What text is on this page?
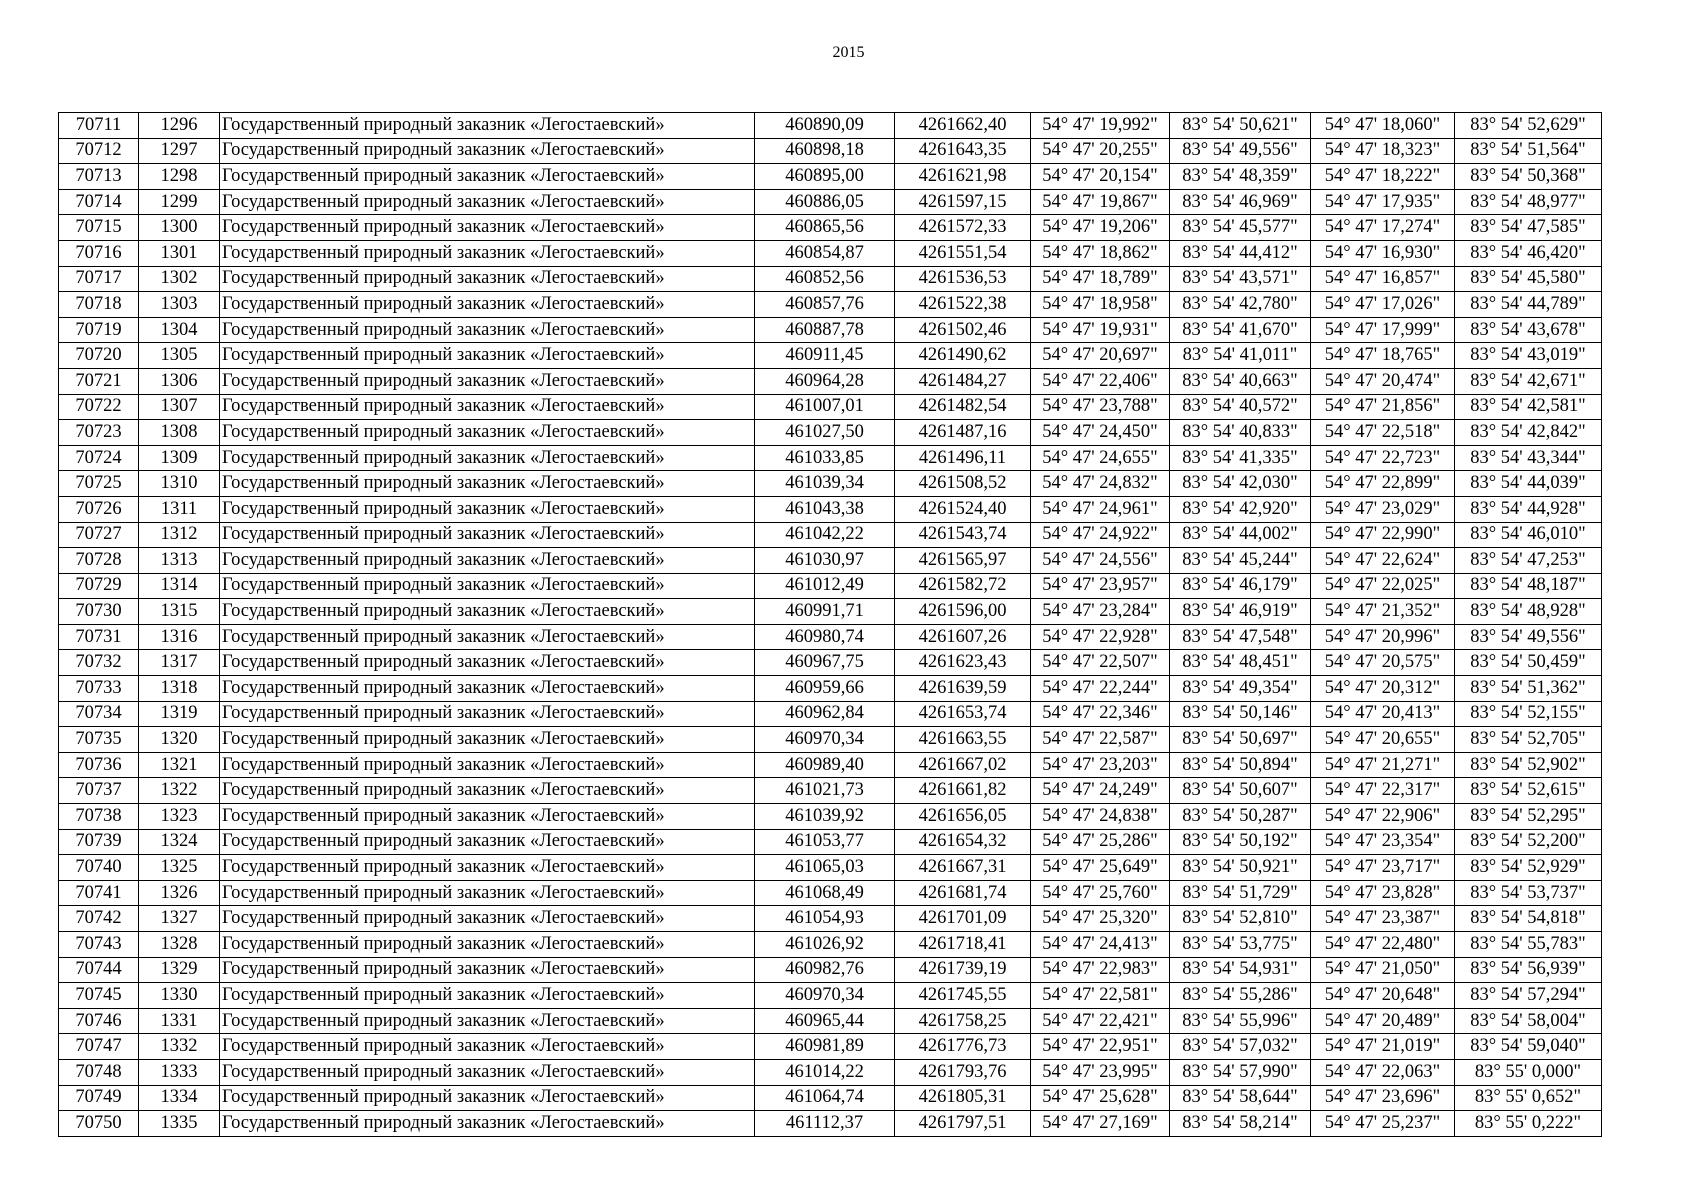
2015
70711	1296	Государственный природный заказник «Легостаевский»	460890,09	4261662,40	54° 47' 19,992"	83° 54' 50,621"	54° 47' 18,060"	83° 54' 52,629"
70712	1297	Государственный природный заказник «Легостаевский»	460898,18	4261643,35	54° 47' 20,255"	83° 54' 49,556"	54° 47' 18,323"	83° 54' 51,564"
70713	1298	Государственный природный заказник «Легостаевский»	460895,00	4261621,98	54° 47' 20,154"	83° 54' 48,359"	54° 47' 18,222"	83° 54' 50,368"
70714	1299	Государственный природный заказник «Легостаевский»	460886,05	4261597,15	54° 47' 19,867"	83° 54' 46,969"	54° 47' 17,935"	83° 54' 48,977"
70715	1300	Государственный природный заказник «Легостаевский»	460865,56	4261572,33	54° 47' 19,206"	83° 54' 45,577"	54° 47' 17,274"	83° 54' 47,585"
70716	1301	Государственный природный заказник «Легостаевский»	460854,87	4261551,54	54° 47' 18,862"	83° 54' 44,412"	54° 47' 16,930"	83° 54' 46,420"
70717	1302	Государственный природный заказник «Легостаевский»	460852,56	4261536,53	54° 47' 18,789"	83° 54' 43,571"	54° 47' 16,857"	83° 54' 45,580"
70718	1303	Государственный природный заказник «Легостаевский»	460857,76	4261522,38	54° 47' 18,958"	83° 54' 42,780"	54° 47' 17,026"	83° 54' 44,789"
70719	1304	Государственный природный заказник «Легостаевский»	460887,78	4261502,46	54° 47' 19,931"	83° 54' 41,670"	54° 47' 17,999"	83° 54' 43,678"
70720	1305	Государственный природный заказник «Легостаевский»	460911,45	4261490,62	54° 47' 20,697"	83° 54' 41,011"	54° 47' 18,765"	83° 54' 43,019"
70721	1306	Государственный природный заказник «Легостаевский»	460964,28	4261484,27	54° 47' 22,406"	83° 54' 40,663"	54° 47' 20,474"	83° 54' 42,671"
70722	1307	Государственный природный заказник «Легостаевский»	461007,01	4261482,54	54° 47' 23,788"	83° 54' 40,572"	54° 47' 21,856"	83° 54' 42,581"
70723	1308	Государственный природный заказник «Легостаевский»	461027,50	4261487,16	54° 47' 24,450"	83° 54' 40,833"	54° 47' 22,518"	83° 54' 42,842"
70724	1309	Государственный природный заказник «Легостаевский»	461033,85	4261496,11	54° 47' 24,655"	83° 54' 41,335"	54° 47' 22,723"	83° 54' 43,344"
70725	1310	Государственный природный заказник «Легостаевский»	461039,34	4261508,52	54° 47' 24,832"	83° 54' 42,030"	54° 47' 22,899"	83° 54' 44,039"
70726	1311	Государственный природный заказник «Легостаевский»	461043,38	4261524,40	54° 47' 24,961"	83° 54' 42,920"	54° 47' 23,029"	83° 54' 44,928"
70727	1312	Государственный природный заказник «Легостаевский»	461042,22	4261543,74	54° 47' 24,922"	83° 54' 44,002"	54° 47' 22,990"	83° 54' 46,010"
70728	1313	Государственный природный заказник «Легостаевский»	461030,97	4261565,97	54° 47' 24,556"	83° 54' 45,244"	54° 47' 22,624"	83° 54' 47,253"
70729	1314	Государственный природный заказник «Легостаевский»	461012,49	4261582,72	54° 47' 23,957"	83° 54' 46,179"	54° 47' 22,025"	83° 54' 48,187"
70730	1315	Государственный природный заказник «Легостаевский»	460991,71	4261596,00	54° 47' 23,284"	83° 54' 46,919"	54° 47' 21,352"	83° 54' 48,928"
70731	1316	Государственный природный заказник «Легостаевский»	460980,74	4261607,26	54° 47' 22,928"	83° 54' 47,548"	54° 47' 20,996"	83° 54' 49,556"
70732	1317	Государственный природный заказник «Легостаевский»	460967,75	4261623,43	54° 47' 22,507"	83° 54' 48,451"	54° 47' 20,575"	83° 54' 50,459"
70733	1318	Государственный природный заказник «Легостаевский»	460959,66	4261639,59	54° 47' 22,244"	83° 54' 49,354"	54° 47' 20,312"	83° 54' 51,362"
70734	1319	Государственный природный заказник «Легостаевский»	460962,84	4261653,74	54° 47' 22,346"	83° 54' 50,146"	54° 47' 20,413"	83° 54' 52,155"
70735	1320	Государственный природный заказник «Легостаевский»	460970,34	4261663,55	54° 47' 22,587"	83° 54' 50,697"	54° 47' 20,655"	83° 54' 52,705"
70736	1321	Государственный природный заказник «Легостаевский»	460989,40	4261667,02	54° 47' 23,203"	83° 54' 50,894"	54° 47' 21,271"	83° 54' 52,902"
70737	1322	Государственный природный заказник «Легостаевский»	461021,73	4261661,82	54° 47' 24,249"	83° 54' 50,607"	54° 47' 22,317"	83° 54' 52,615"
70738	1323	Государственный природный заказник «Легостаевский»	461039,92	4261656,05	54° 47' 24,838"	83° 54' 50,287"	54° 47' 22,906"	83° 54' 52,295"
70739	1324	Государственный природный заказник «Легостаевский»	461053,77	4261654,32	54° 47' 25,286"	83° 54' 50,192"	54° 47' 23,354"	83° 54' 52,200"
70740	1325	Государственный природный заказник «Легостаевский»	461065,03	4261667,31	54° 47' 25,649"	83° 54' 50,921"	54° 47' 23,717"	83° 54' 52,929"
70741	1326	Государственный природный заказник «Легостаевский»	461068,49	4261681,74	54° 47' 25,760"	83° 54' 51,729"	54° 47' 23,828"	83° 54' 53,737"
70742	1327	Государственный природный заказник «Легостаевский»	461054,93	4261701,09	54° 47' 25,320"	83° 54' 52,810"	54° 47' 23,387"	83° 54' 54,818"
70743	1328	Государственный природный заказник «Легостаевский»	461026,92	4261718,41	54° 47' 24,413"	83° 54' 53,775"	54° 47' 22,480"	83° 54' 55,783"
70744	1329	Государственный природный заказник «Легостаевский»	460982,76	4261739,19	54° 47' 22,983"	83° 54' 54,931"	54° 47' 21,050"	83° 54' 56,939"
70745	1330	Государственный природный заказник «Легостаевский»	460970,34	4261745,55	54° 47' 22,581"	83° 54' 55,286"	54° 47' 20,648"	83° 54' 57,294"
70746	1331	Государственный природный заказник «Легостаевский»	460965,44	4261758,25	54° 47' 22,421"	83° 54' 55,996"	54° 47' 20,489"	83° 54' 58,004"
70747	1332	Государственный природный заказник «Легостаевский»	460981,89	4261776,73	54° 47' 22,951"	83° 54' 57,032"	54° 47' 21,019"	83° 54' 59,040"
70748	1333	Государственный природный заказник «Легостаевский»	461014,22	4261793,76	54° 47' 23,995"	83° 54' 57,990"	54° 47' 22,063"	83° 55' 0,000"
70749	1334	Государственный природный заказник «Легостаевский»	461064,74	4261805,31	54° 47' 25,628"	83° 54' 58,644"	54° 47' 23,696"	83° 55' 0,652"
70750	1335	Государственный природный заказник «Легостаевский»	461112,37	4261797,51	54° 47' 27,169"	83° 54' 58,214"	54° 47' 25,237"	83° 55' 0,222"
